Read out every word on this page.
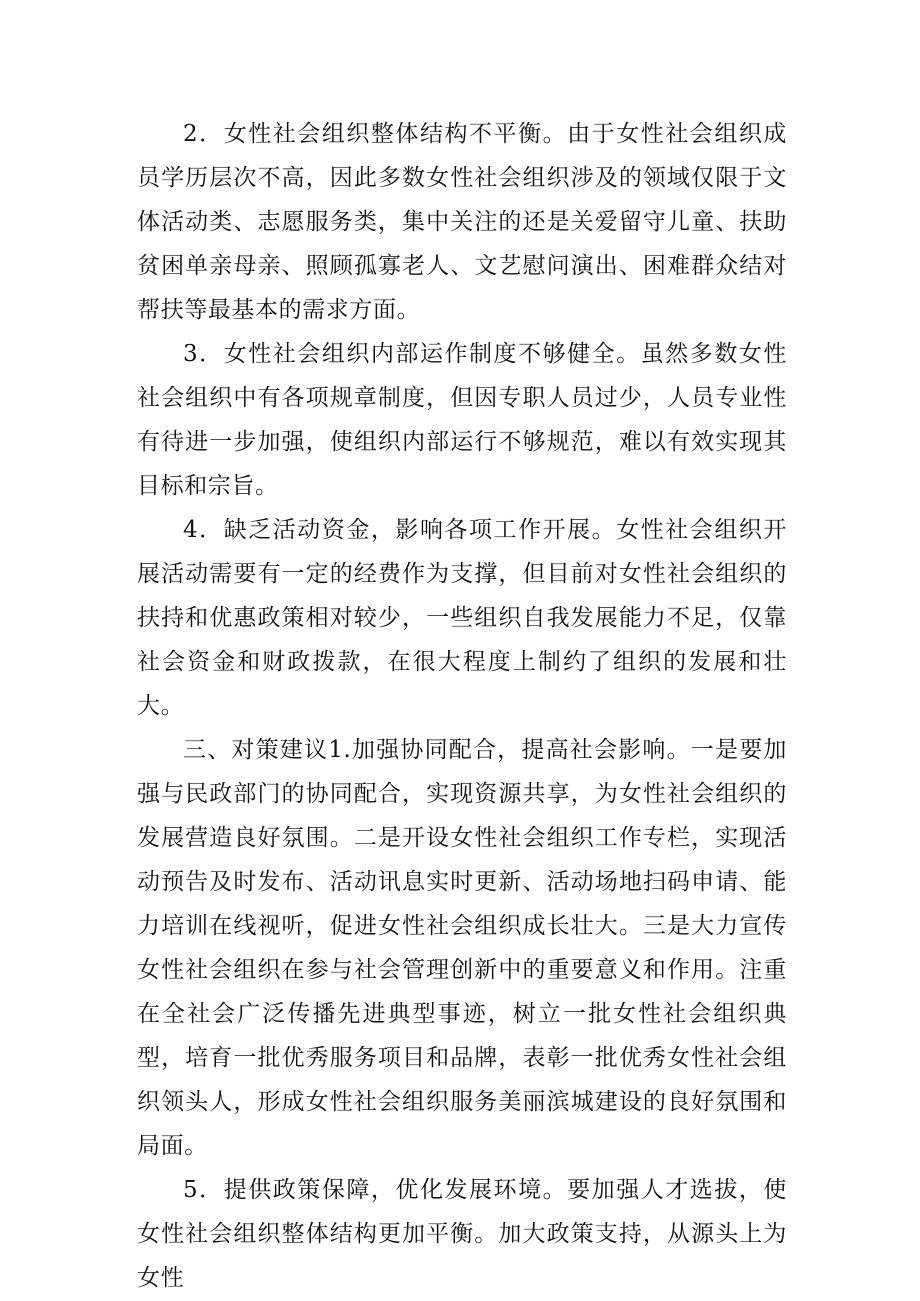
2．女性社会组织整体结构不平衡。由于女性社会组织成员学历层次不高，因此多数女性社会组织涉及的领域仅限于文体活动类、志愿服务类，集中关注的还是关爱留守儿童、扶助贫困单亲母亲、照顾孤寡老人、文艺慰问演出、困难群众结对帮扶等最基本的需求方面。

3．女性社会组织内部运作制度不够健全。虽然多数女性社会组织中有各项规章制度，但因专职人员过少，人员专业性有待进一步加强，使组织内部运行不够规范，难以有效实现其目标和宗旨。

4．缺乏活动资金，影响各项工作开展。女性社会组织开展活动需要有一定的经费作为支撑，但目前对女性社会组织的扶持和优惠政策相对较少，一些组织自我发展能力不足，仅靠社会资金和财政拨款，在很大程度上制约了组织的发展和壮大。

三、对策建议1.加强协同配合，提高社会影响。一是要加强与民政部门的协同配合，实现资源共享，为女性社会组织的发展营造良好氛围。二是开设女性社会组织工作专栏，实现活动预告及时发布、活动讯息实时更新、活动场地扫码申请、能力培训在线视听，促进女性社会组织成长壮大。三是大力宣传女性社会组织在参与社会管理创新中的重要意义和作用。注重在全社会广泛传播先进典型事迹，树立一批女性社会组织典型，培育一批优秀服务项目和品牌，表彰一批优秀女性社会组织领头人，形成女性社会组织服务美丽滨城建设的良好氛围和局面。

5．提供政策保障，优化发展环境。要加强人才选拔，使女性社会组织整体结构更加平衡。加大政策支持，从源头上为女性
